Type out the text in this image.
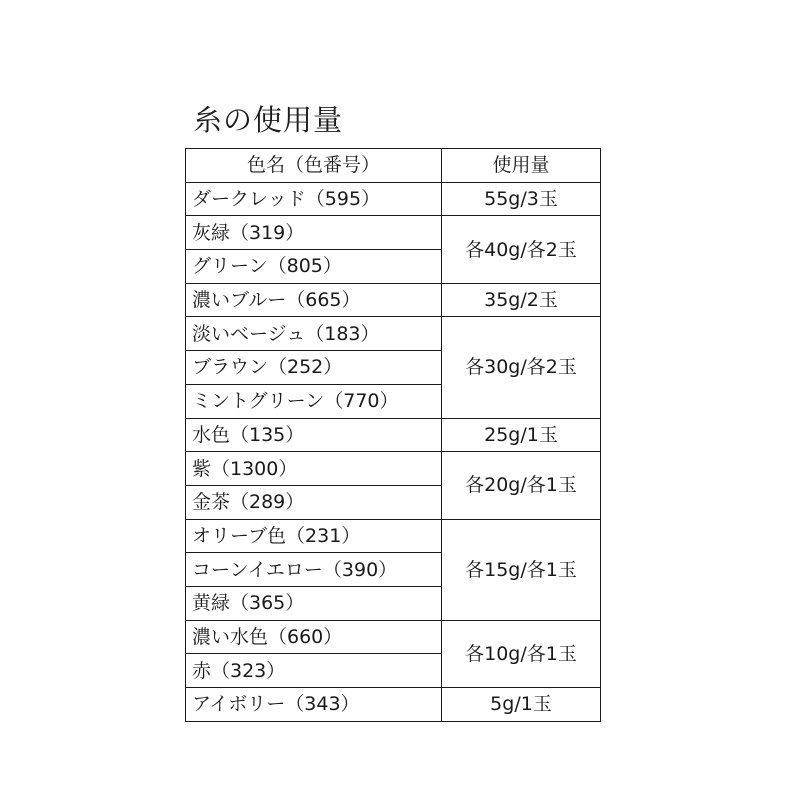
糸の使用量
色名（色番号）	使用量
ダークレッド（595）	55g/3玉
灰緑（319）	各40g/各2玉
グリーン（805）	
濃いブルー（665）	35g/2玉
淡いベージュ（183）	各30g/各2玉
ブラウン（252）	
ミントグリーン（770）	
水色（135）	25g/1玉
紫（1300）	各20g/各1玉
金茶（289）	
オリーブ色（231）	各15g/各1玉
コーンイエロー（390）	
黄緑（365）	
濃い水色（660）	各10g/各1玉
赤（323）	
アイボリー（343）	5g/1玉
